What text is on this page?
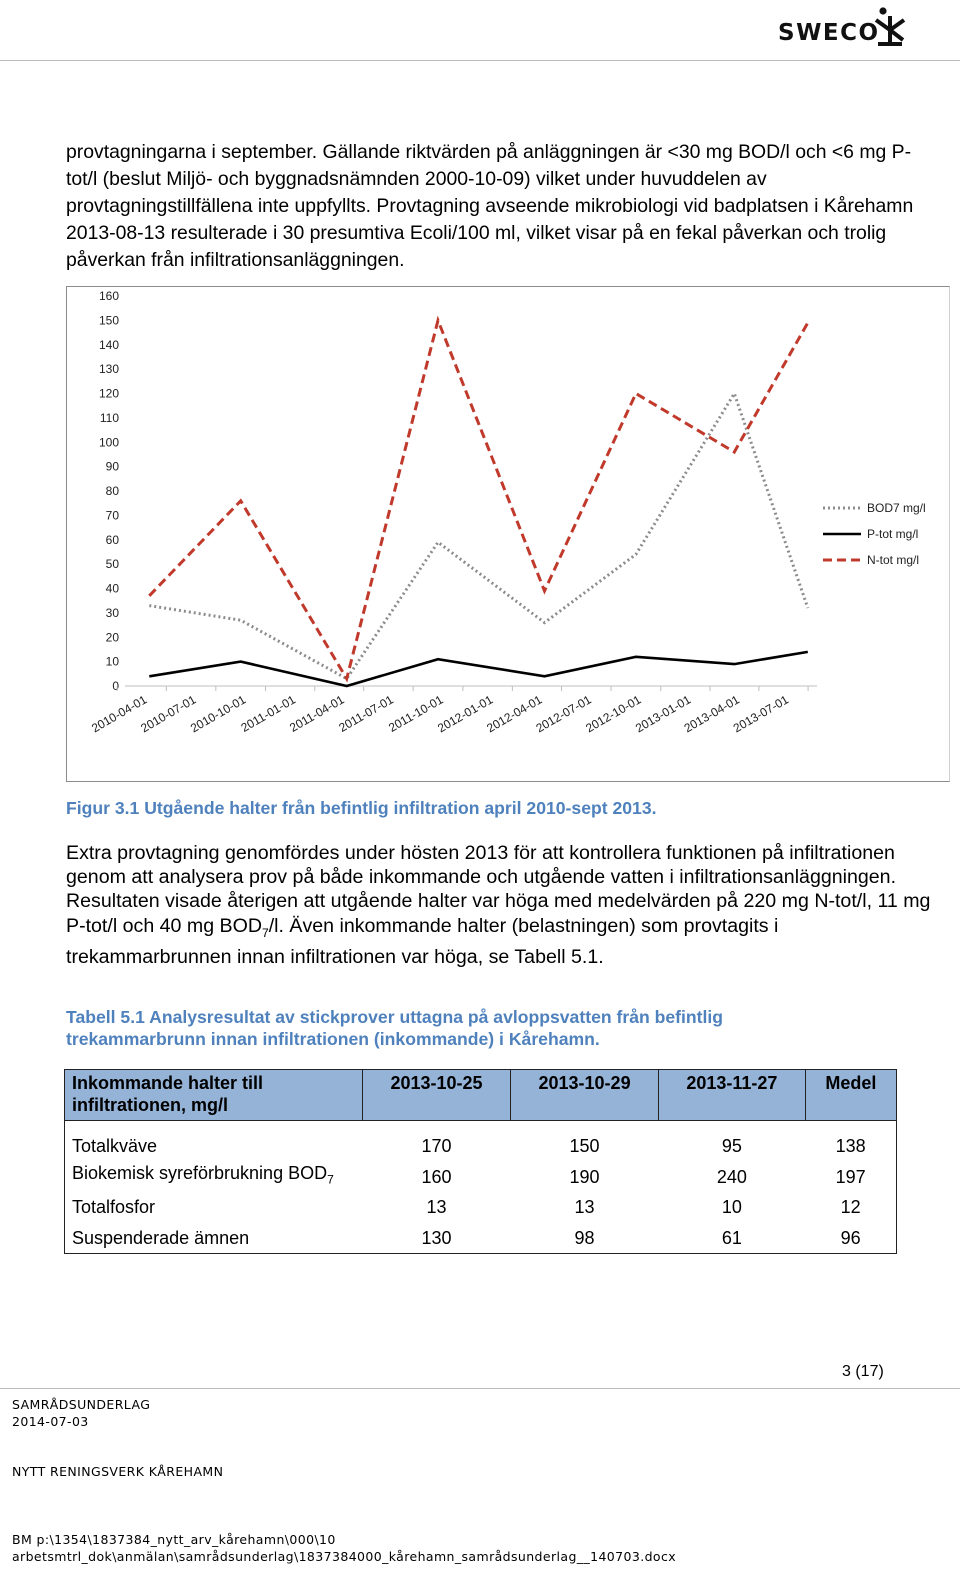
SWECO

provtagningarna i september. Gällande riktvärden på anläggningen är <30 mg BOD/l och <6 mg P-tot/l (beslut Miljö- och byggnadsnämnden 2000-10-09) vilket under huvuddelen av provtagningstillfällena inte uppfyllts. Provtagning avseende mikrobiologi vid badplatsen i Kårehamn 2013-08-13 resulterade i 30 presumtiva Ecoli/100 ml, vilket visar på en fekal påverkan och trolig påverkan från infiltrationsanläggningen.

0
10
20
30
40
50
60
70
80
90
100
110
120
130
140
150
160
2010-04-01
2010-07-01
2010-10-01
2011-01-01
2011-04-01
2011-07-01
2011-10-01
2012-01-01
2012-04-01
2012-07-01
2012-10-01
2013-01-01
2013-04-01
2013-07-01
BOD7 mg/l
P-tot mg/l
N-tot mg/l

Figur 3.1 Utgående halter från befintlig infiltration april 2010-sept 2013.

Extra provtagning genomfördes under hösten 2013 för att kontrollera funktionen på infiltrationen genom att analysera prov på både inkommande och utgående vatten i infiltrationsanläggningen. Resultaten visade återigen att utgående halter var höga med medelvärden på 220 mg N-tot/l, 11 mg P-tot/l och 40 mg $BOD_7/l$. Även inkommande halter (belastningen) som provtagits i trekammarbrunnen innan infiltrationen var höga, se Tabell 5.1.

Tabell 5.1 Analysresultat av stickprover uttagna på avloppsvatten från befintlig trekammarbrunn innan infiltrationen (inkommande) i Kårehamn.

Inkommande halter till infiltrationen, mg/l	2013-10-25	2013-10-29	2013-11-27	Medel

Totalkväve	170	150	95	138
Biokemisk syreförbrukning $BOD_7$	160	190	240	197
Totalfosfor	13	13	10	12
Suspenderade ämnen	130	98	61	96
3 (17)

SAMRÅDSUNDERLAG

2014-07-03

NYTT RENINGSVERK KÅREHAMN

BM p:\1354\1837384_nytt_arv_kårehamn\000\10

arbetsmtrl_dok\anmälan\samrådsunderlag\1837384000_kårehamn_samrådsunderlag__140703.docx
